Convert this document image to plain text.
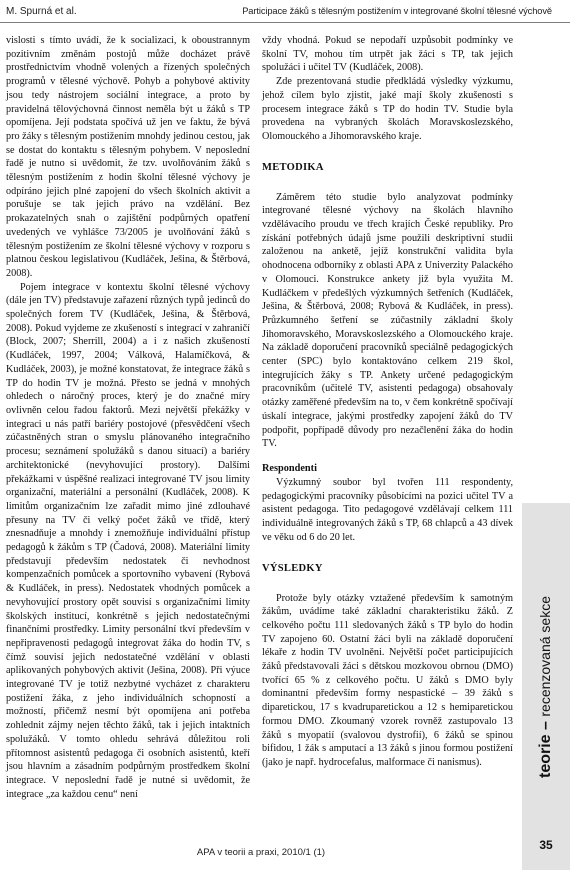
M. Spurná et al.	Participace žáků s tělesným postižením v integrované školní tělesné výchově

vislosti s tímto uvádí, že k socializaci, k oboustrannym pozitivním změnám postojů může docházet právě prostřednictvím vhodně volených a řízených společných programů v tělesné výchově. Pohyb a pohybové aktivity jsou tedy nástrojem sociální integrace, a proto by pravidelná tělovýchovná činnost neměla být u žáků s TP opomíjena. Její podstata spočívá už jen ve faktu, že bývá pro žáky s tělesným postižením mnohdy jedinou cestou, jak se dostat do kontaktu s tělesným pohybem. V neposlední řadě je nutno si uvědomit, že tzv. uvolňováním žáků s tělesným postižením z hodin školní tělesné výchovy je odpíráno jejich plné zapojení do všech školních aktivit a porušuje se tak jejich právo na vzdělání. Bez prokazatelných snah o zajištění podpůrných opatření uvedených ve vyhlášce 73/2005 je uvolňování žáků s tělesným postižením ze školní tělesné výchovy v rozporu s platnou českou legislativou (Kudláček, Ješina, & Štěrbová, 2008).

Pojem integrace v kontextu školní tělesné výchovy (dále jen TV) představuje zařazení různých typů jedinců do společných forem TV (Kudláček, Ješina, & Štěrbová, 2008). Pokud vyjdeme ze zkušeností s integrací v zahraničí (Block, 2007; Sherrill, 2004) a i z našich zkušeností (Kudláček, 1997, 2004; Válková, Halamíčková, & Kudláček, 2003), je možné konstatovat, že integrace žáků s TP do hodin TV je možná. Přesto se jedná v mnohých ohledech o náročný proces, který je do značné míry ovlivněn celou řadou faktorů. Mezi největší překážky v integraci u nás patří bariéry postojové (přesvědčení všech zúčastněných stran o smyslu plánovaného integračního procesu; seznámení spolužáků s danou situací) a bariéry architektonické (nevyhovující prostory). Dalšími překážkami v úspěšné realizaci integrované TV jsou limity organizační, materiální a personální (Kudláček, 2008). K limitům organizačním lze zařadit mimo jiné zdlouhavé přesuny na TV či velký počet žáků ve třídě, který znesnadňuje a mnohdy i znemožňuje individuální přístup pedagogů k žákům s TP (Čadová, 2008). Materiální limity představují především nedostatek či nevhodnost kompenzačních pomůcek a sportovního vybavení (Rybová & Kudláček, in press). Nedostatek vhodných pomůcek a nevyhovující prostory opět souvisí s organizačními limity školských institucí, konkrétně s jejich nedostatečnými finančními prostředky. Limity personální tkví především v nepřipravenosti pedagogů integrovat žáka do hodin TV, s čímž souvisí jejich nedostatečné vzdělání v oblasti aplikovaných pohybových aktivit (Ješina, 2008). Při výuce integrované TV je totiž nezbytné vycházet z charakteru postižení žáka, z jeho individuálních schopností a možností, přičemž nesmí být opomíjena ani potřeba zohlednit zájmy nejen těchto žáků, tak i jejich intaktních spolužáků. V tomto ohledu sehrává důležitou roli přítomnost asistentů pedagoga či osobních asistentů, kteří jsou hlavním a zásadním podpůrným prostředkem školní integrace. V neposlední řadě je nutné si uvědomit, že integrace „za každou cenu“ není

vždy vhodná. Pokud se nepodaří uzpůsobit podmínky ve školní TV, mohou tím utrpět jak žáci s TP, tak jejich spolužáci i učitel TV (Kudláček, 2008).

Zde prezentovaná studie předkládá výsledky výzkumu, jehož cílem bylo zjistit, jaké mají školy zkušenosti s procesem integrace žáků s TP do hodin TV. Studie byla provedena na vybraných školách Moravskoslezského, Olomouckého a Jihomoravského kraje.

METODIKA

Záměrem této studie bylo analyzovat podmínky integrované tělesné výchovy na školách hlavního vzdělávacího proudu ve třech krajích České republiky. Pro získání potřebných údajů jsme použili deskriptivní studii založenou na anketě, jejíž konstrukční validita byla ohodnocena odborníky z oblasti APA z Univerzity Palackého v Olomouci. Konstrukce ankety již byla využita M. Kudláčkem v předešlých výzkumných šetřeních (Kudláček, Ješina, & Štěrbová, 2008; Rybová & Kudláček, in press). Průzkumného šetření se zúčastnily základní školy Jihomoravského, Moravskoslezského a Olomouckého kraje. Na základě doporučení pracovníků speciálně pedagogických center (SPC) bylo kontaktováno celkem 219 škol, integrujících žáky s TP. Ankety určené pedagogickým pracovníkům (učitelé TV, asistenti pedagoga) obsahovaly otázky zaměřené především na to, v čem konkrétně spočívají úskalí integrace, jakými prostředky zapojení žáků do TV podpořit, popřípadě důvody pro nezačlenění žáka do hodin TV.

Respondenti

Výzkumný soubor byl tvořen 111 respondenty, pedagogickými pracovníky působícími na pozici učitel TV a asistent pedagoga. Tito pedagogové vzdělávají celkem 111 individuálně integrovaných žáků s TP, 68 chlapců a 43 dívek ve věku od 6 do 20 let.

VÝSLEDKY

Protože byly otázky vztažené především k samotným žákům, uvádíme také základní charakteristiku žáků. Z celkového počtu 111 sledovaných žáků s TP bylo do hodin TV zapojeno 60. Ostatní žáci byli na základě doporučení lékaře z hodin TV uvolněni. Největší počet participujících žáků představovali žáci s dětskou mozkovou obrnou (DMO) tvořící 65 % z celkového počtu. U žáků s DMO byly dominantní především formy nespastické – 39 žáků s diparetickou, 17 s kvadruparetickou a 12 s hemiparetickou formou DMO. Zkoumaný vzorek rovněž zastupovalo 13 žáků s myopatií (svalovou dystrofií), 6 žáků se spinou bifidou, 1 žák s amputací a 13 žáků s jinou formou postižení (jako je např. hydrocefalus, malformace či nanismus).	teorie – recenzovaná sekce
35
APA v teorii a praxi, 2010/1 (1)
